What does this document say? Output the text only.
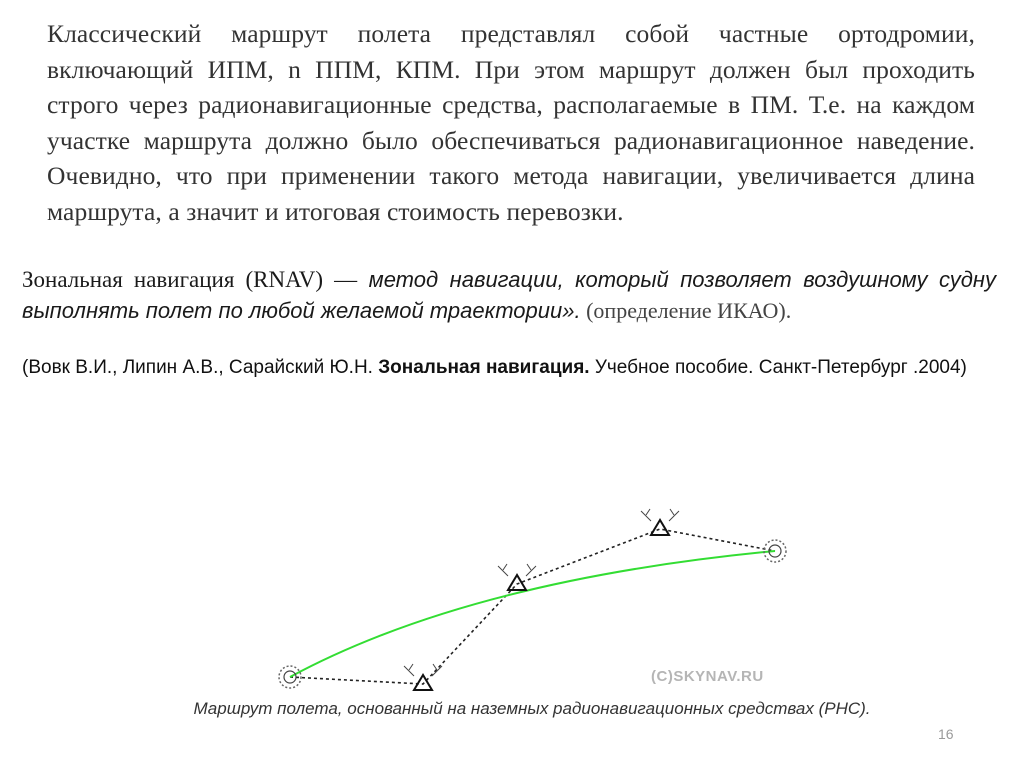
Классический маршрут полета представлял собой частные ортодромии, включающий ИПМ, n ППМ, КПМ. При этом маршрут должен был проходить строго через радионавигационные средства, располагаемые в ПМ. Т.е. на каждом участке маршрута должно было обеспечиваться радионавигационное наведение. Очевидно, что при применении такого метода навигации, увеличивается длина маршрута, а значит и итоговая стоимость перевозки.
Зональная навигация (RNAV) — метод навигации, который позволяет воздушному судну выполнять полет по любой желаемой траектории». (определение ИКАО).
(Вовк В.И., Липин А.В., Сарайский Ю.Н. Зональная навигация. Учебное пособие. Санкт-Петербург .2004)
(C)SKYNAV.RU
Маршрут полета, основанный на наземных радионавигационных средствах (РНС).
16
